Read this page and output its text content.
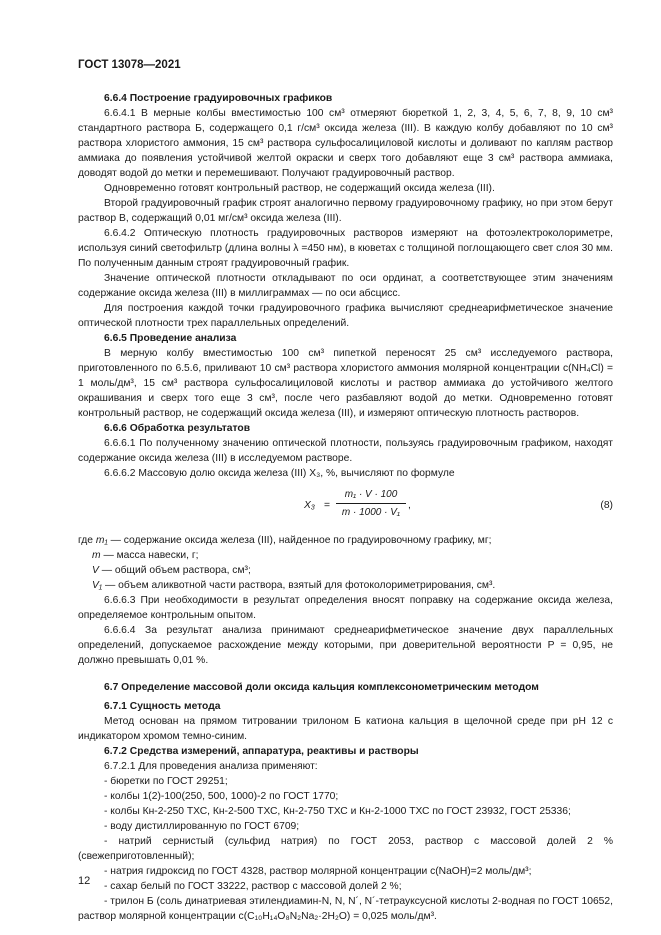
ГОСТ 13078—2021

6.6.4 Построение градуировочных графиков

6.6.4.1 В мерные колбы вместимостью 100 см³ отмеряют бюреткой 1, 2, 3, 4, 5, 6, 7, 8, 9, 10 см³ стандартного раствора Б, содержащего 0,1 г/см³ оксида железа (III). В каждую колбу добавляют по 10 см³ раствора хлористого аммония, 15 см³ раствора сульфосалициловой кислоты и доливают по каплям раствор аммиака до появления устойчивой желтой окраски и сверх того добавляют еще 3 см³ раствора аммиака, доводят водой до метки и перемешивают. Получают градуировочный раствор.

Одновременно готовят контрольный раствор, не содержащий оксида железа (III).

Второй градуировочный график строят аналогично первому градуировочному графику, но при этом берут раствор В, содержащий 0,01 мг/см³ оксида железа (III).

6.6.4.2 Оптическую плотность градуировочных растворов измеряют на фотоэлектроколориметре, используя синий светофильтр (длина волны λ =450 нм), в кюветах с толщиной поглощающего свет слоя 30 мм. По полученным данным строят градуировочный график.

Значение оптической плотности откладывают по оси ординат, а соответствующее этим значениям содержание оксида железа (III) в миллиграммах — по оси абсцисс.

Для построения каждой точки градуировочного графика вычисляют среднеарифметическое значение оптической плотности трех параллельных определений.

6.6.5 Проведение анализа

В мерную колбу вместимостью 100 см³ пипеткой переносят 25 см³ исследуемого раствора, приготовленного по 6.5.6, приливают 10 см³ раствора хлористого аммония молярной концентрации c(NH₄Cl) = 1 моль/дм³, 15 см³ раствора сульфосалициловой кислоты и раствор аммиака до устойчивого желтого окрашивания и сверх того еще 3 см³, после чего разбавляют водой до метки. Одновременно готовят контрольный раствор, не содержащий оксида железа (III), и измеряют оптическую плотность растворов.

6.6.6 Обработка результатов

6.6.6.1 По полученному значению оптической плотности, пользуясь градуировочным графиком, находят содержание оксида железа (III) в исследуемом растворе.

6.6.6.2 Массовую долю оксида железа (III) X₃, %, вычисляют по формуле

$X_3 = \frac{\text{m₁ · V · 100}}{\text{m · 1000 · V₁}}$ ,	(8)

где m₁ — содержание оксида железа (III), найденное по градуировочному графику, мг;

m — масса навески, г;

V — общий объем раствора, см³;

V₁ — объем аликвотной части раствора, взятый для фотоколориметрирования, см³.

6.6.6.3 При необходимости в результат определения вносят поправку на содержание оксида железа, определяемое контрольным опытом.

6.6.6.4 За результат анализа принимают среднеарифметическое значение двух параллельных определений, допускаемое расхождение между которыми, при доверительной вероятности P = 0,95, не должно превышать 0,01 %.

6.7 Определение массовой доли оксида кальция комплексонометрическим методом

6.7.1 Сущность метода

Метод основан на прямом титровании трилоном Б катиона кальция в щелочной среде при рН 12 с индикатором хромом темно-синим.

6.7.2 Средства измерений, аппаратура, реактивы и растворы

6.7.2.1 Для проведения анализа применяют:

- бюретки по ГОСТ 29251;

- колбы 1(2)-100(250, 500, 1000)-2 по ГОСТ 1770;

- колбы Кн-2-250 ТХС, Кн-2-500 ТХС, Кн-2-750 ТХС и Кн-2-1000 ТХС по ГОСТ 23932, ГОСТ 25336;

- воду дистиллированную по ГОСТ 6709;

- натрий сернистый (сульфид натрия) по ГОСТ 2053, раствор с массовой долей 2 % (свежеприготовленный);

- натрия гидроксид по ГОСТ 4328, раствор молярной концентрации c(NaOH)=2 моль/дм³;

- сахар белый по ГОСТ 33222, раствор с массовой долей 2 %;

- трилон Б (соль динатриевая этилендиамин-N, N, N´, N´-тетрауксусной кислоты 2-водная по ГОСТ 10652, раствор молярной концентрации c(C₁₀H₁₄O₈N₂Na₂·2H₂O) = 0,025 моль/дм³.

12
